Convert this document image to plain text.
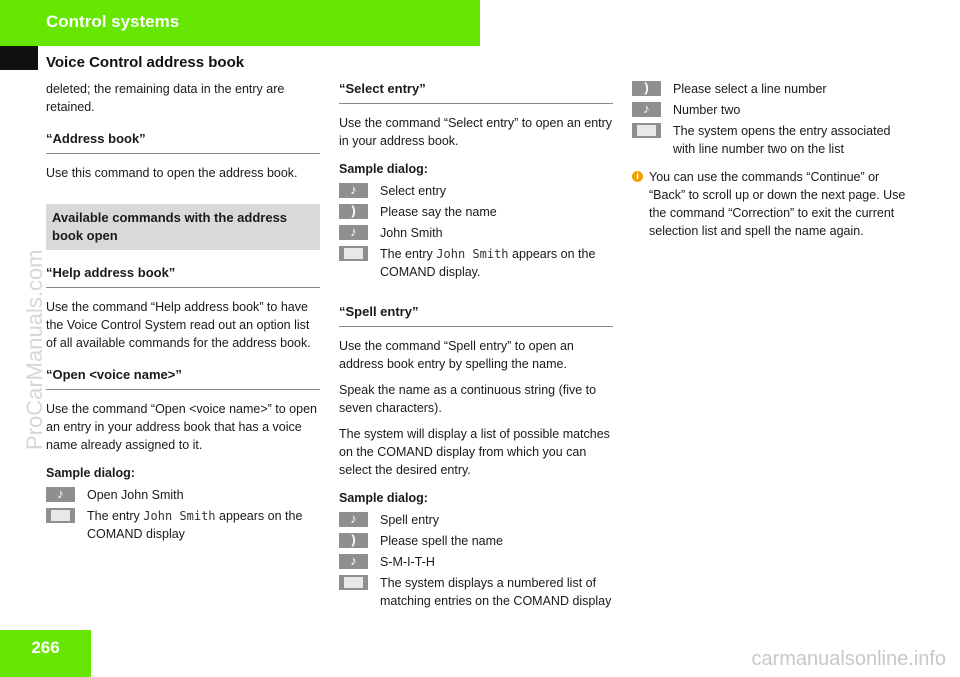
Control systems
Voice Control address book

deleted; the remaining data in the entry are retained.

“Address book”

Use this command to open the address book.

Available commands with the address book open
“Help address book”

Use the command “Help address book” to have the Voice Control System read out an option list of all available commands for the address book.

“Open <voice name>”

Use the command “Open <voice name>” to open an entry in your address book that has a voice name already assigned to it.

Sample dialog:
♪
Open John Smith
The entry John Smith appears on the COMAND display
“Select entry”

Use the command “Select entry” to open an entry in your address book.

Sample dialog:
♪
Select entry
)
Please say the name
♪
John Smith
The entry John Smith appears on the COMAND display.
“Spell entry”

Use the command “Spell entry” to open an address book entry by spelling the name.

Speak the name as a continuous string (five to seven characters).

The system will display a list of possible matches on the COMAND display from which you can select the desired entry.

Sample dialog:
♪
Spell entry
)
Please spell the name
♪
S-M-I-T-H
The system displays a numbered list of matching entries on the COMAND display
)
Please select a line number
♪
Number two
The system opens the entry associated with line number two on the list
i You can use the commands “Continue” or “Back” to scroll up or down the next page. Use the command “Correction” to exit the current selection list and spell the name again.
ProCarManuals.com
266
carmanualsonline.info
